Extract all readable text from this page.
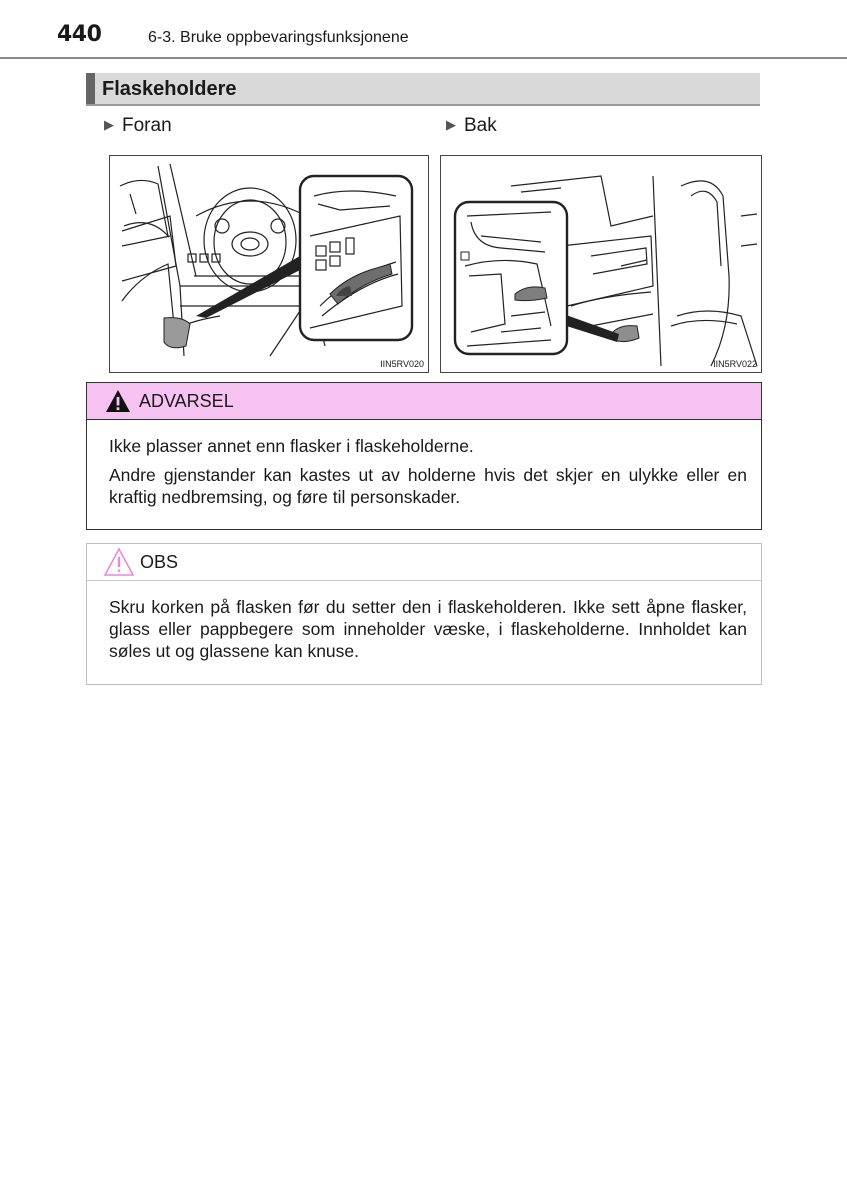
440	6-3. Bruke oppbevaringsfunksjonene
Flaskeholdere
▶ Foran	▶ Bak
IIN5RV020	IIN5RV022
ADVARSEL

Ikke plasser annet enn flasker i flaskeholderne.

Andre gjenstander kan kastes ut av holderne hvis det skjer en ulykke eller en kraftig nedbremsing, og føre til personskader.

OBS

Skru korken på flasken før du setter den i flaskeholderen. Ikke sett åpne flasker, glass eller pappbegere som inneholder væske, i flaskeholderne. Innholdet kan søles ut og glassene kan knuse.
